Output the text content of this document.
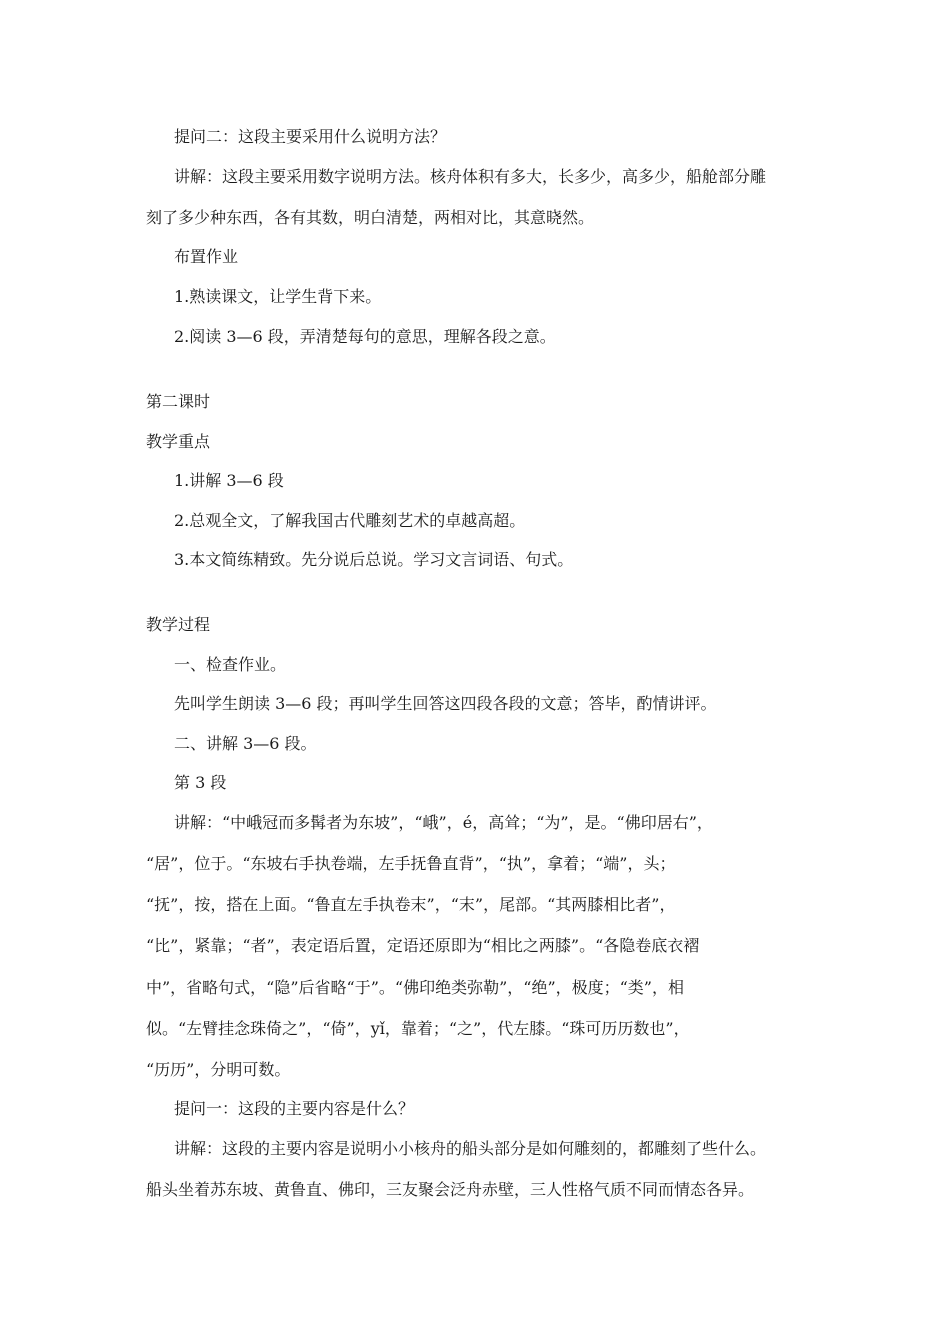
提问二：这段主要采用什么说明方法？
讲解：这段主要采用数字说明方法。核舟体积有多大，长多少，高多少，船舱部分雕
刻了多少种东西，各有其数，明白清楚，两相对比，其意晓然。
布置作业
1.熟读课文，让学生背下来。
2.阅读 3—6 段，弄清楚每句的意思，理解各段之意。
第二课时
教学重点
1.讲解 3—6 段
2.总观全文，了解我国古代雕刻艺术的卓越高超。
3.本文简练精致。先分说后总说。学习文言词语、句式。
教学过程
一、检查作业。
先叫学生朗读 3—6 段；再叫学生回答这四段各段的文意；答毕，酌情讲评。
二、讲解 3—6 段。
第 3 段
讲解：“中峨冠而多髯者为东坡”，“峨”，é，高耸；“为”，是。“佛印居右”，
“居”，位于。“东坡右手执卷端，左手抚鲁直背”，“执”，拿着；“端”，头；
“抚”，按，搭在上面。“鲁直左手执卷末”，“末”，尾部。“其两膝相比者”，
“比”，紧靠；“者”，表定语后置，定语还原即为“相比之两膝”。“各隐卷底衣褶
中”，省略句式，“隐”后省略“于”。“佛印绝类弥勒”，“绝”，极度；“类”，相
似。“左臂挂念珠倚之”，“倚”，yǐ，靠着；“之”，代左膝。“珠可历历数也”，
“历历”，分明可数。
提问一：这段的主要内容是什么？
讲解：这段的主要内容是说明小小核舟的船头部分是如何雕刻的，都雕刻了些什么。
船头坐着苏东坡、黄鲁直、佛印，三友聚会泛舟赤壁，三人性格气质不同而情态各异。
